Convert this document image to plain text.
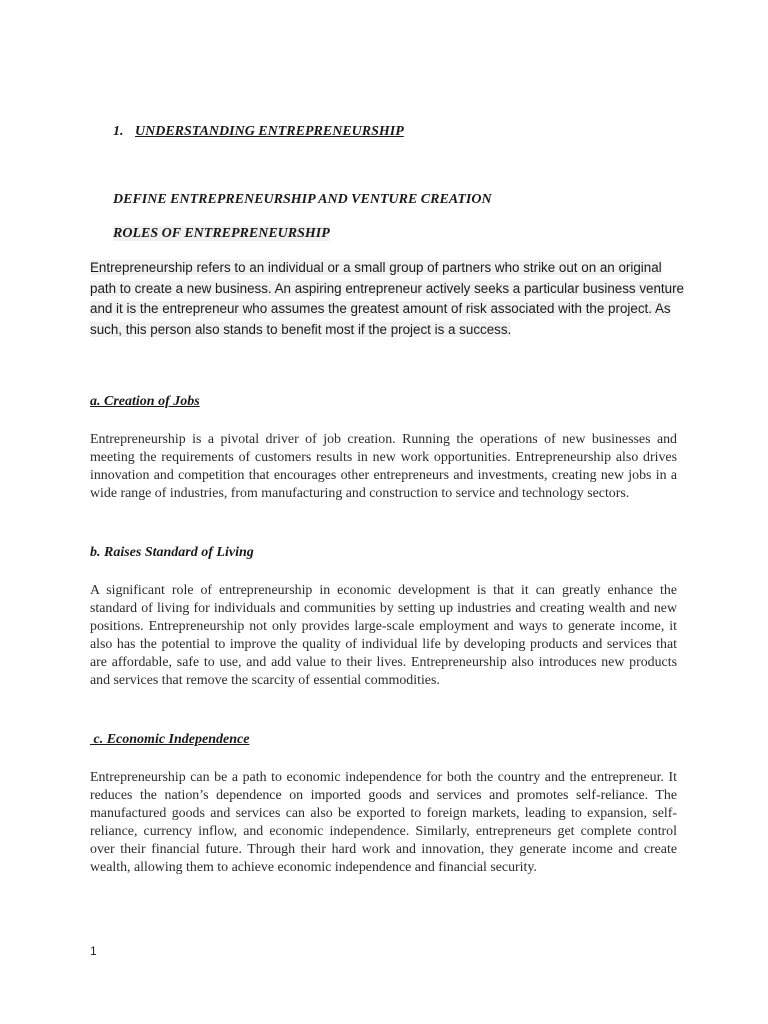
1. UNDERSTANDING ENTREPRENEURSHIP
DEFINE ENTREPRENEURSHIP AND VENTURE CREATION
ROLES OF ENTREPRENEURSHIP
Entrepreneurship refers to an individual or a small group of partners who strike out on an original path to create a new business. An aspiring entrepreneur actively seeks a particular business venture and it is the entrepreneur who assumes the greatest amount of risk associated with the project. As such, this person also stands to benefit most if the project is a success.
a. Creation of Jobs
Entrepreneurship is a pivotal driver of job creation. Running the operations of new businesses and meeting the requirements of customers results in new work opportunities. Entrepreneurship also drives innovation and competition that encourages other entrepreneurs and investments, creating new jobs in a wide range of industries, from manufacturing and construction to service and technology sectors.
b. Raises Standard of Living
A significant role of entrepreneurship in economic development is that it can greatly enhance the standard of living for individuals and communities by setting up industries and creating wealth and new positions. Entrepreneurship not only provides large-scale employment and ways to generate income, it also has the potential to improve the quality of individual life by developing products and services that are affordable, safe to use, and add value to their lives. Entrepreneurship also introduces new products and services that remove the scarcity of essential commodities.
c. Economic Independence
Entrepreneurship can be a path to economic independence for both the country and the entrepreneur. It reduces the nation’s dependence on imported goods and services and promotes self-reliance. The manufactured goods and services can also be exported to foreign markets, leading to expansion, self-reliance, currency inflow, and economic independence. Similarly, entrepreneurs get complete control over their financial future. Through their hard work and innovation, they generate income and create wealth, allowing them to achieve economic independence and financial security.
1
